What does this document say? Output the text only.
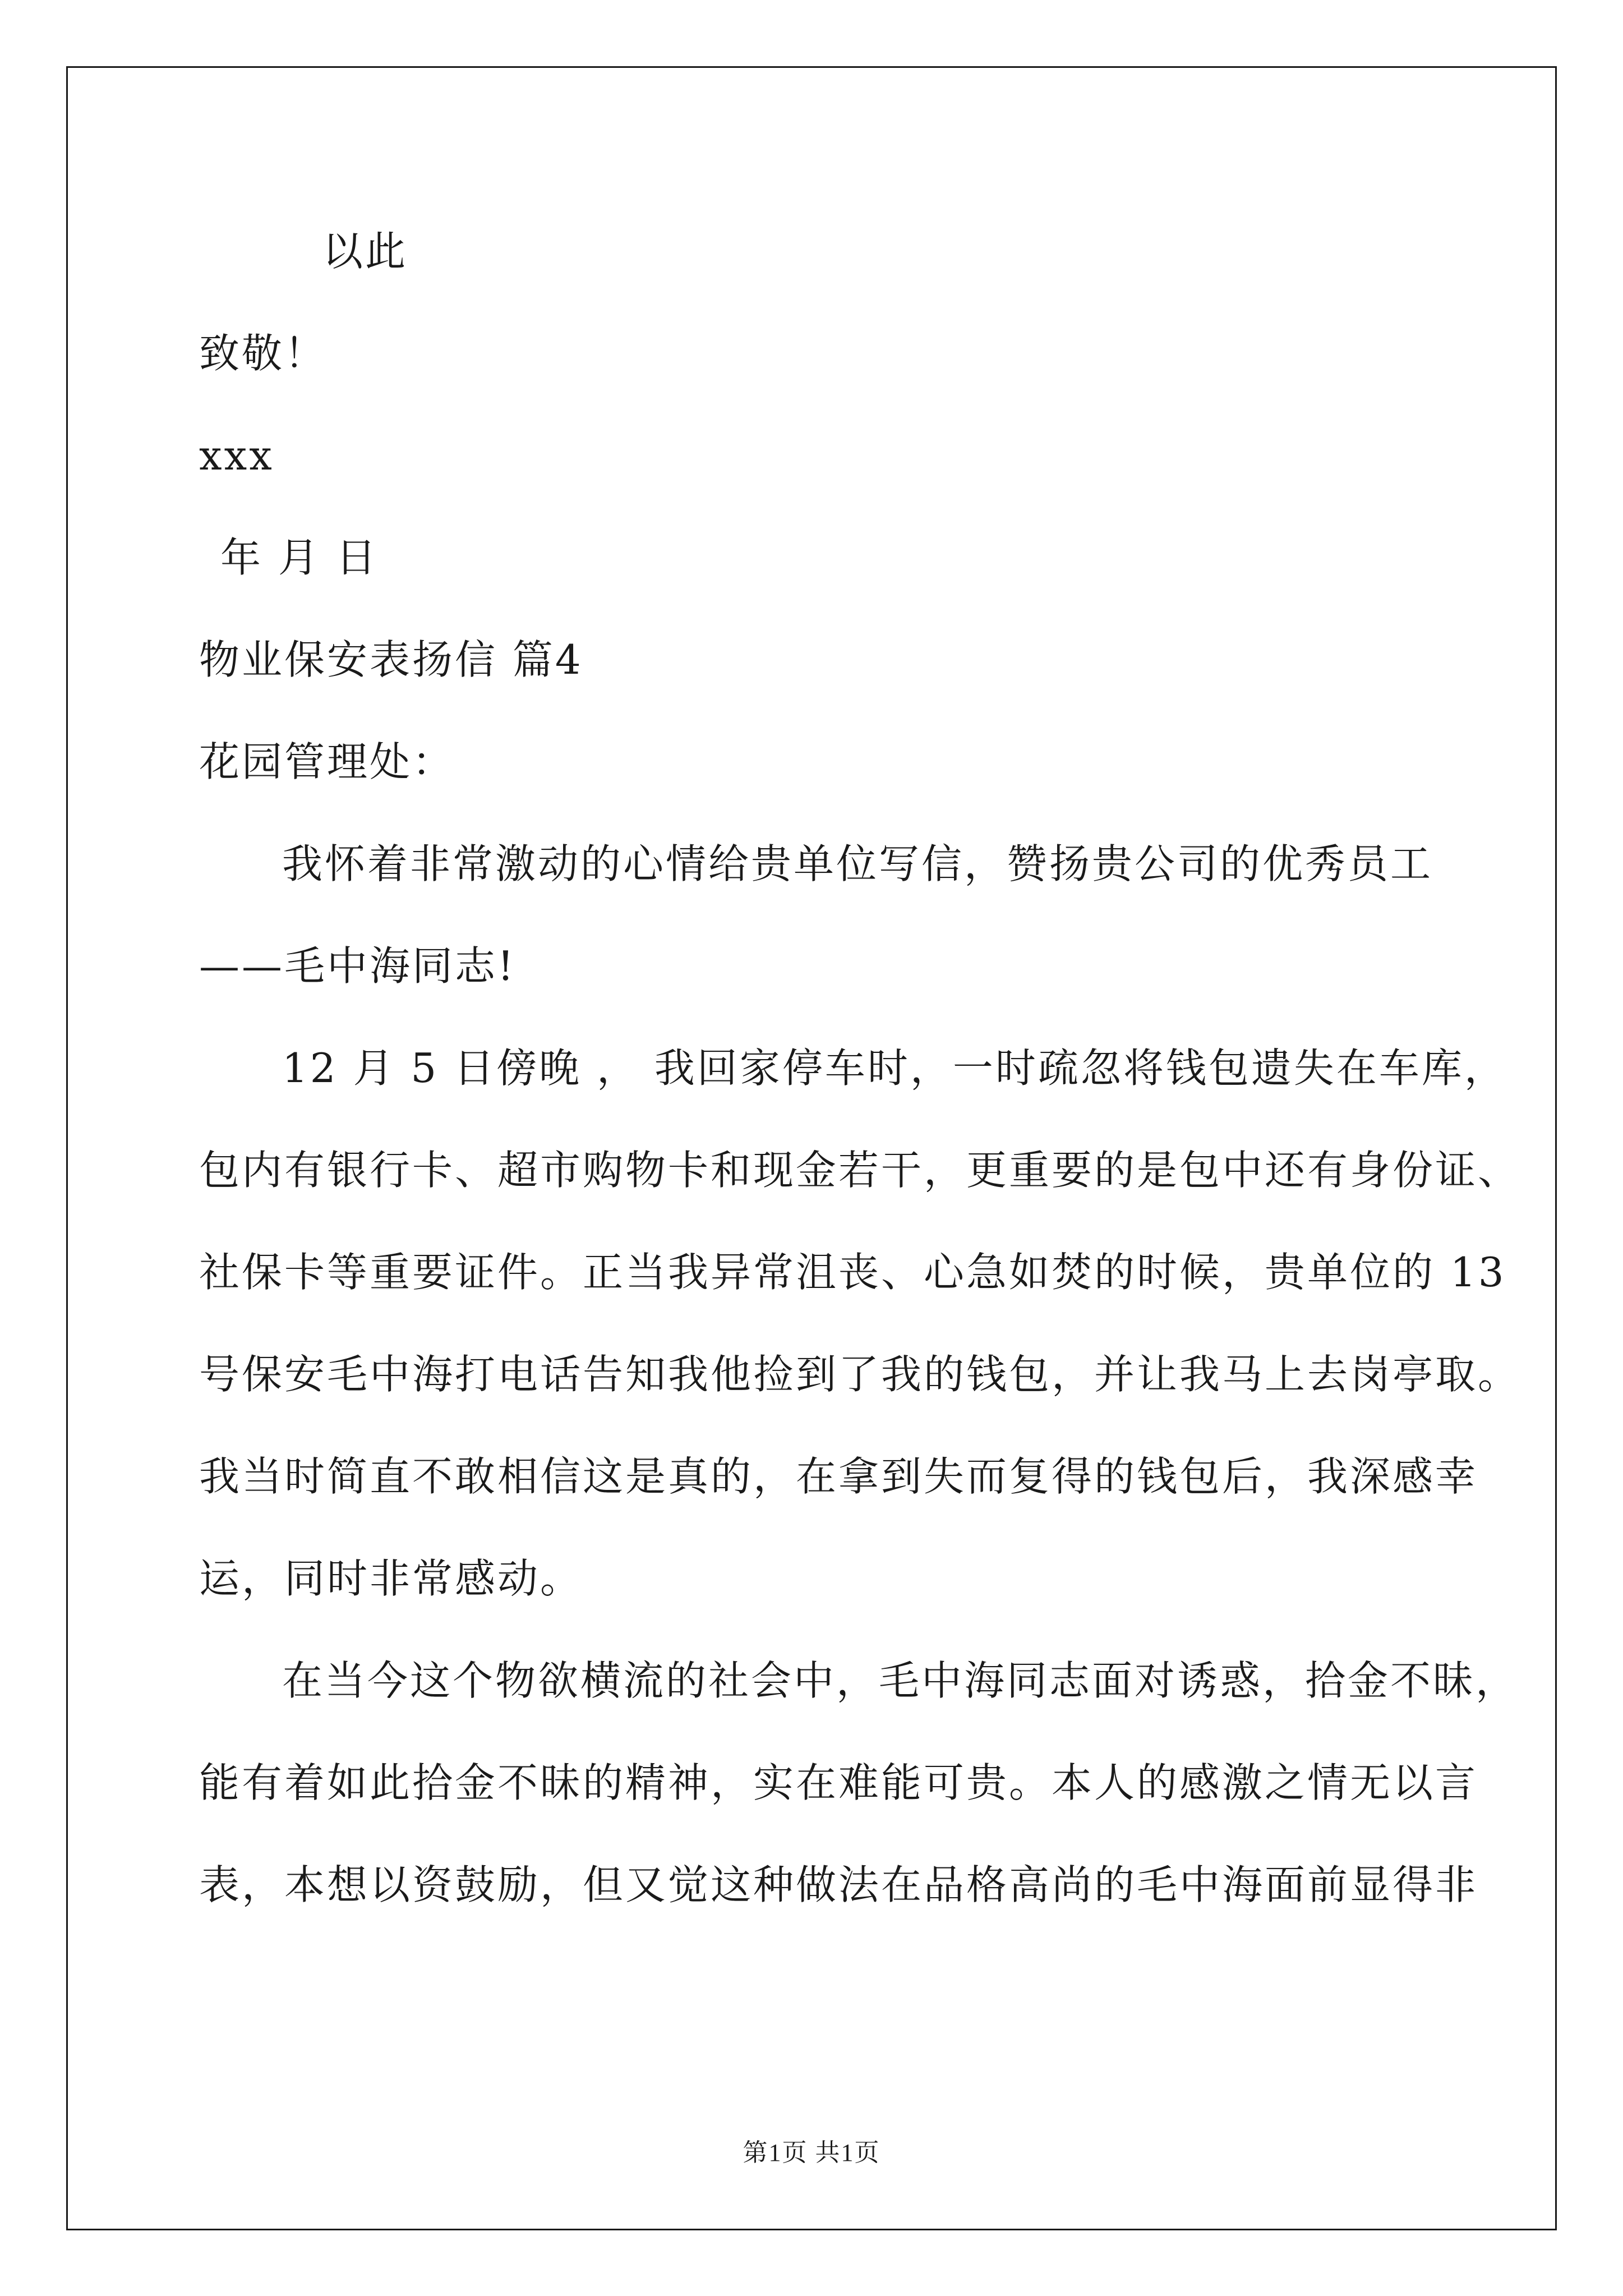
以此
致敬！
xxx
年 月 日
物业保安表扬信 篇4
花园管理处：
我怀着非常激动的心情给贵单位写信，赞扬贵公司的优秀员工
——毛中海同志!
12 月 5 日傍晚 ， 我回家停车时，一时疏忽将钱包遗失在车库，
包内有银行卡、超市购物卡和现金若干，更重要的是包中还有身份证、
社保卡等重要证件。正当我异常沮丧、心急如焚的时候，贵单位的 13
号保安毛中海打电话告知我他捡到了我的钱包，并让我马上去岗亭取。
我当时简直不敢相信这是真的，在拿到失而复得的钱包后，我深感幸
运，同时非常感动。
在当今这个物欲横流的社会中，毛中海同志面对诱惑，拾金不昧，
能有着如此拾金不昧的精神，实在难能可贵。本人的感激之情无以言
表，本想以资鼓励，但又觉这种做法在品格高尚的毛中海面前显得非
第1页 共1页
